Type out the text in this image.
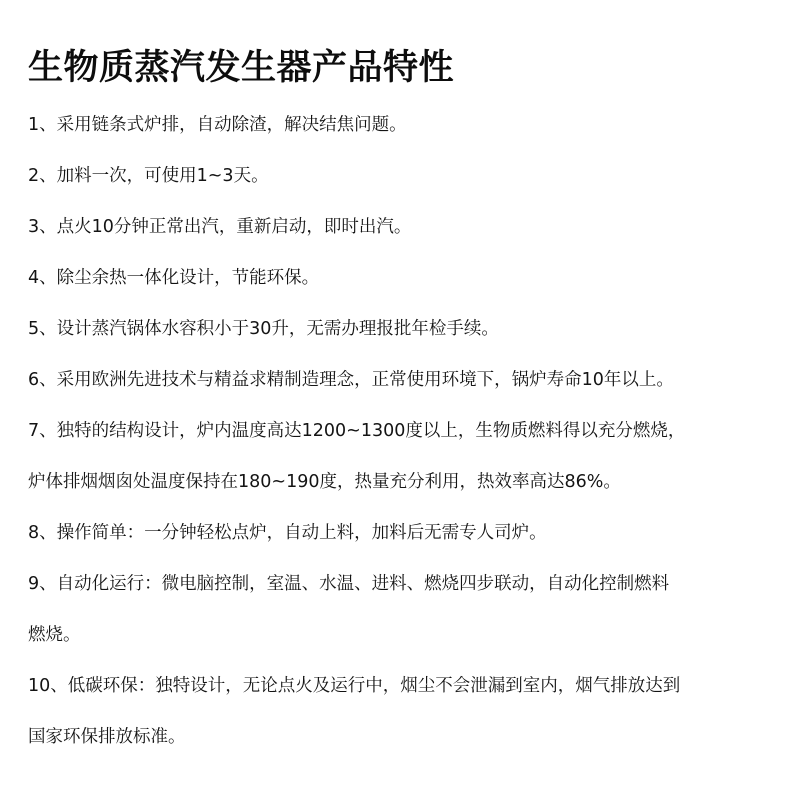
生物质蒸汽发生器产品特性
1、采用链条式炉排，自动除渣，解决结焦问题。
2、加料一次，可使用1~3天。
3、点火10分钟正常出汽，重新启动，即时出汽。
4、除尘余热一体化设计，节能环保。
5、设计蒸汽锅体水容积小于30升，无需办理报批年检手续。
6、采用欧洲先进技术与精益求精制造理念，正常使用环境下，锅炉寿命10年以上。
7、独特的结构设计，炉内温度高达1200~1300度以上，生物质燃料得以充分燃烧，
炉体排烟烟囱处温度保持在180~190度，热量充分利用，热效率高达86%。
8、操作简单：一分钟轻松点炉，自动上料，加料后无需专人司炉。
9、自动化运行：微电脑控制，室温、水温、进料、燃烧四步联动，自动化控制燃料
燃烧。
10、低碳环保：独特设计，无论点火及运行中，烟尘不会泄漏到室内，烟气排放达到
国家环保排放标准。
